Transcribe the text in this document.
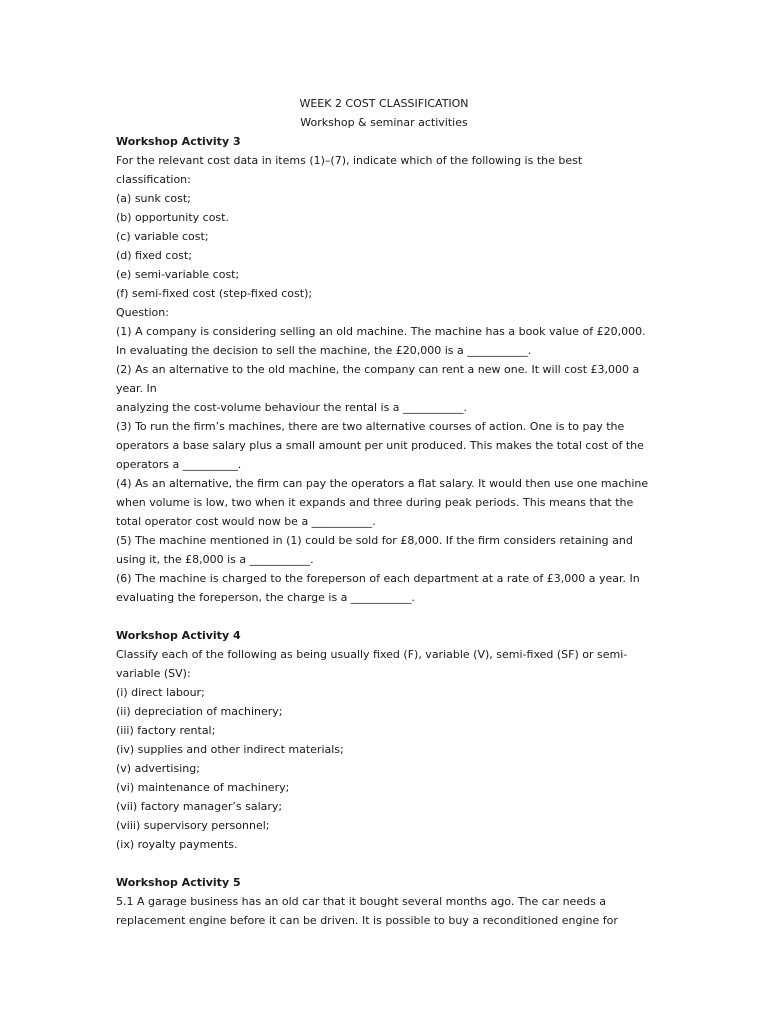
WEEK 2 COST CLASSIFICATION
Workshop & seminar activities
Workshop Activity 3
For the relevant cost data in items (1)–(7), indicate which of the following is the best
classification:
(a) sunk cost;
(b) opportunity cost.
(c) variable cost;
(d) fixed cost;
(e) semi-variable cost;
(f) semi-fixed cost (step-fixed cost);
Question:
(1) A company is considering selling an old machine. The machine has a book value of £20,000.
In evaluating the decision to sell the machine, the £20,000 is a ___________.
(2) As an alternative to the old machine, the company can rent a new one. It will cost £3,000 a
year. In
analyzing the cost-volume behaviour the rental is a ___________.
(3) To run the firm’s machines, there are two alternative courses of action. One is to pay the
operators a base salary plus a small amount per unit produced. This makes the total cost of the
operators a __________.
(4) As an alternative, the firm can pay the operators a flat salary. It would then use one machine
when volume is low, two when it expands and three during peak periods. This means that the
total operator cost would now be a ___________.
(5) The machine mentioned in (1) could be sold for £8,000. If the firm considers retaining and
using it, the £8,000 is a ___________.
(6) The machine is charged to the foreperson of each department at a rate of £3,000 a year. In
evaluating the foreperson, the charge is a ___________.
Workshop Activity 4
Classify each of the following as being usually fixed (F), variable (V), semi-fixed (SF) or semi-
variable (SV):
(i) direct labour;
(ii) depreciation of machinery;
(iii) factory rental;
(iv) supplies and other indirect materials;
(v) advertising;
(vi) maintenance of machinery;
(vii) factory manager’s salary;
(viii) supervisory personnel;
(ix) royalty payments.
Workshop Activity 5
5.1 A garage business has an old car that it bought several months ago. The car needs a
replacement engine before it can be driven. It is possible to buy a reconditioned engine for
